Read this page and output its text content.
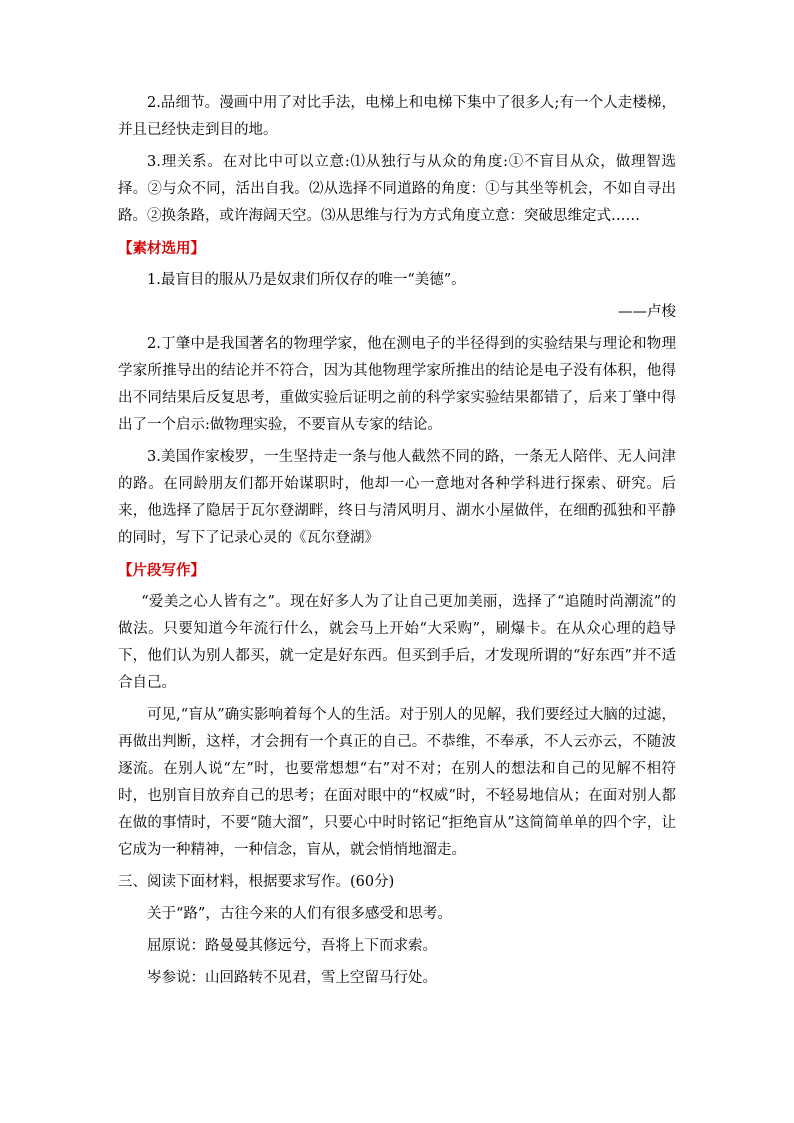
2.品细节。漫画中用了对比手法，电梯上和电梯下集中了很多人;有一个人走楼梯，并且已经快走到目的地。

3.理关系。在对比中可以立意:⑴从独行与从众的角度:①不盲目从众，做理智选择。②与众不同，活出自我。⑵从选择不同道路的角度：①与其坐等机会，不如自寻出路。②换条路，或许海阔天空。⑶从思维与行为方式角度立意：突破思维定式……

【素材选用】

1.最盲目的服从乃是奴隶们所仅存的唯一“美德”。

——卢梭

2.丁肇中是我国著名的物理学家，他在测电子的半径得到的实验结果与理论和物理学家所推导出的结论并不符合，因为其他物理学家所推出的结论是电子没有体积，他得出不同结果后反复思考，重做实验后证明之前的科学家实验结果都错了，后来丁肇中得出了一个启示:做物理实验，不要盲从专家的结论。

3.美国作家梭罗，一生坚持走一条与他人截然不同的路，一条无人陪伴、无人问津的路。在同龄朋友们都开始谋职时，他却一心一意地对各种学科进行探索、研究。后来，他选择了隐居于瓦尔登湖畔，终日与清风明月、湖水小屋做伴，在细酌孤独和平静的同时，写下了记录心灵的《瓦尔登湖》

【片段写作】

“爱美之心人皆有之”。现在好多人为了让自己更加美丽，选择了“追随时尚潮流”的做法。只要知道今年流行什么，就会马上开始“大采购”，刷爆卡。在从众心理的趋导下，他们认为别人都买，就一定是好东西。但买到手后，才发现所谓的“好东西”并不适合自己。

可见,“盲从”确实影响着每个人的生活。对于别人的见解，我们要经过大脑的过滤，再做出判断，这样，才会拥有一个真正的自己。不恭维，不奉承，不人云亦云，不随波逐流。在别人说“左”时，也要常想想“右”对不对；在别人的想法和自己的见解不相符时，也别盲目放弃自己的思考；在面对眼中的“权威”时，不轻易地信从；在面对别人都在做的事情时，不要“随大溜”，只要心中时时铭记“拒绝盲从”这简简单单的四个字，让它成为一种精神，一种信念，盲从，就会悄悄地溜走。

三、阅读下面材料，根据要求写作。(60分)

关于“路”，古往今来的人们有很多感受和思考。

屈原说：路曼曼其修远兮，吾将上下而求索。

岑参说：山回路转不见君，雪上空留马行处。
